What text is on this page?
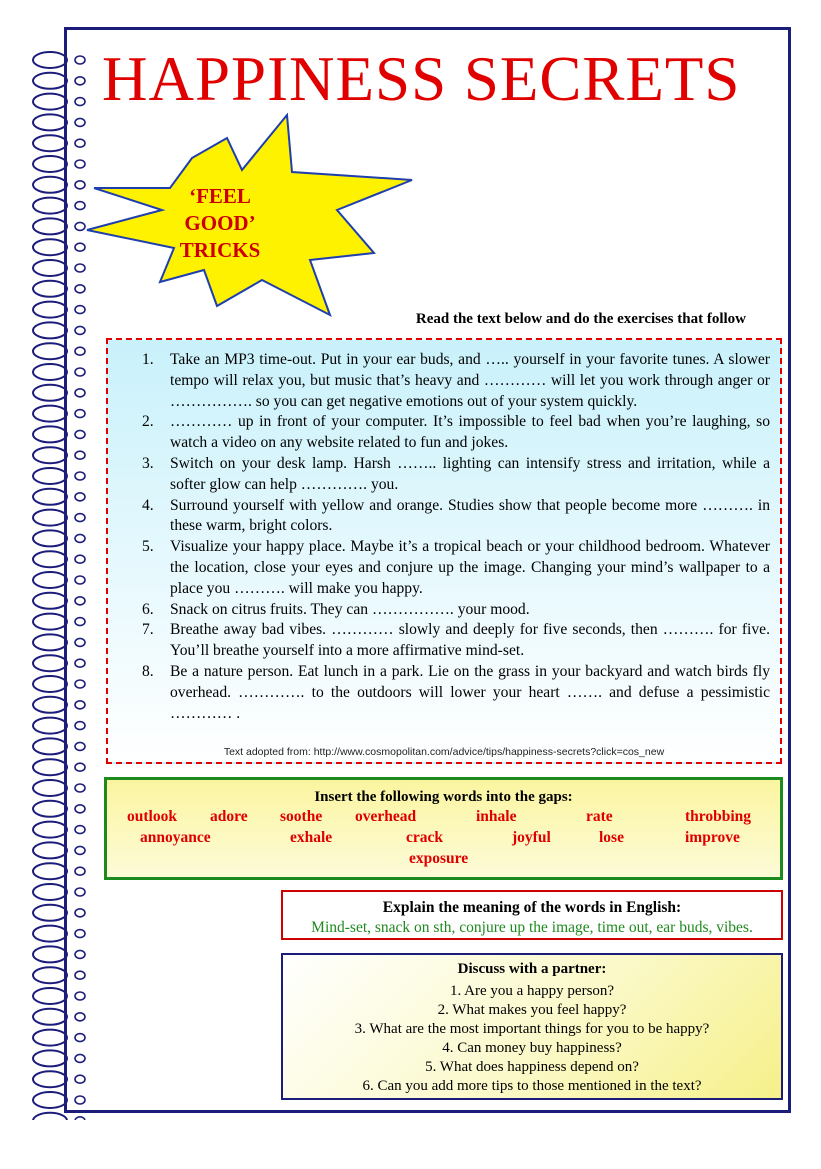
HAPPINESS SECRETS
‘FEEL
GOOD’
TRICKS
Read the text below and do the exercises that follow
1. Take an MP3 time-out. Put in your ear buds, and ….. yourself in your favorite tunes. A slower tempo will relax you, but music that’s heavy and ………… will let you work through anger or ……………. so you can get negative emotions out of your system quickly.
2. ………… up in front of your computer. It’s impossible to feel bad when you’re laughing, so watch a video on any website related to fun and jokes.
3. Switch on your desk lamp. Harsh …….. lighting can intensify stress and irritation, while a softer glow can help …………. you.
4. Surround yourself with yellow and orange. Studies show that people become more ………. in these warm, bright colors.
5. Visualize your happy place. Maybe it’s a tropical beach or your childhood bedroom. Whatever the location, close your eyes and conjure up the image. Changing your mind’s wallpaper to a place you ………. will make you happy.
6. Snack on citrus fruits. They can ……………. your mood.
7. Breathe away bad vibes. ………… slowly and deeply for five seconds, then ………. for five. You’ll breathe yourself into a more affirmative mind-set.
8. Be a nature person. Eat lunch in a park. Lie on the grass in your backyard and watch birds fly overhead. …………. to the outdoors will lower your heart ……. and defuse a pessimistic ………… .
Text adopted from: http://www.cosmopolitan.com/advice/tips/happiness-secrets?click=cos_new
Insert the following words into the gaps:
outlook adore soothe overhead	inhale	rate	throbbing
annoyance	exhale	crack	joyful	lose	improve
exposure
Explain the meaning of the words in English:
Mind-set, snack on sth, conjure up the image, time out, ear buds, vibes.
Discuss with a partner:
1. Are you a happy person?
2. What makes you feel happy?
3. What are the most important things for you to be happy?
4. Can money buy happiness?
5. What does happiness depend on?
6. Can you add more tips to those mentioned in the text?
